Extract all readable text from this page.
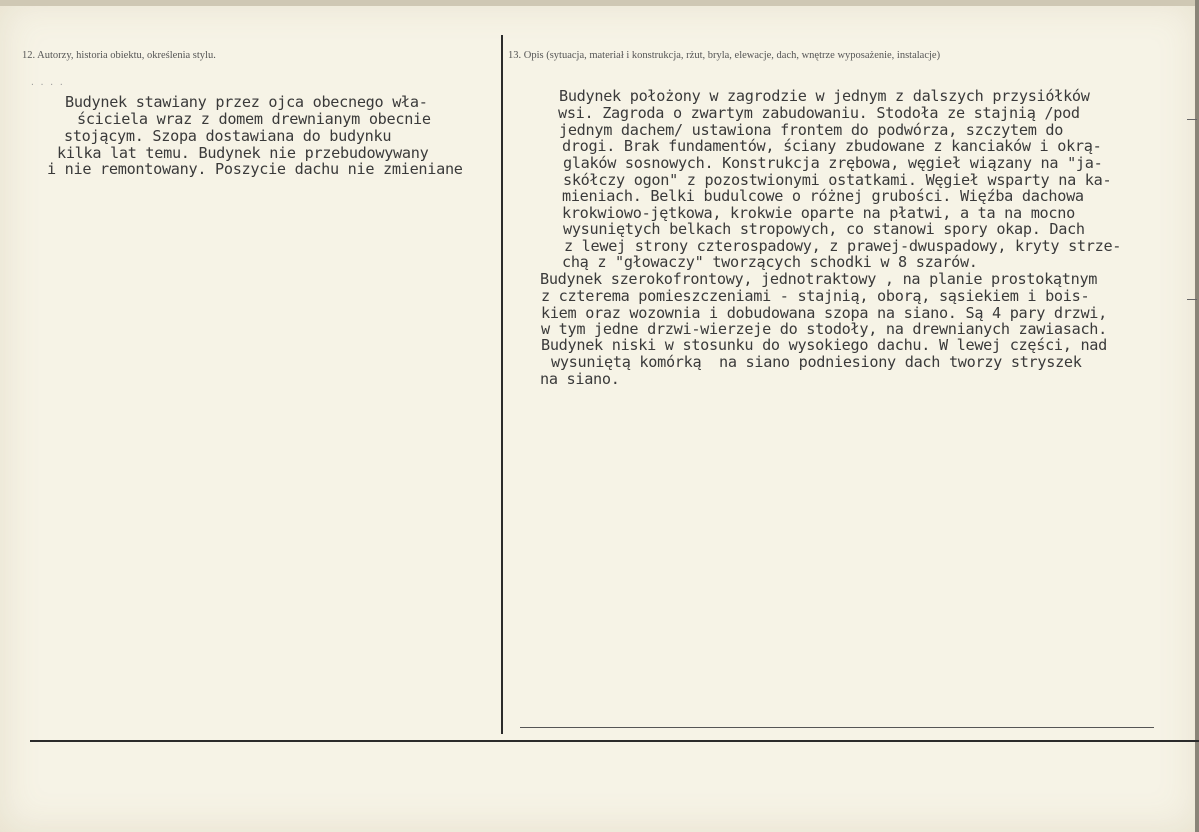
12. Autorzy, historia obiektu, określenia stylu.	13. Opis (sytuacja, materiał i konstrukcja, rżut, bryla, elewacje, dach, wnętrze wyposażenie, instalacje)
· · · ·
Budynek stawiany przez ojca obecnego wła-
ściciela wraz z domem drewnianym obecnie
stojącym. Szopa dostawiana do budynku
kilka lat temu. Budynek nie przebudowywany
i nie remontowany. Poszycie dachu nie zmieniane
Budynek położony w zagrodzie w jednym z dalszych przysiółków
wsi. Zagroda o zwartym zabudowaniu. Stodoła ze stajnią /pod
jednym dachem/ ustawiona frontem do podwórza, szczytem do
drogi. Brak fundamentów, ściany zbudowane z kanciaków i okrą-
glaków sosnowych. Konstrukcja zrębowa, węgieł wiązany na "ja-
skółczy ogon" z pozostwionymi ostatkami. Węgieł wsparty na ka-
mieniach. Belki budulcowe o różnej grubości. Więźba dachowa
krokwiowo-jętkowa, krokwie oparte na płatwi, a ta na mocno
wysuniętych belkach stropowych, co stanowi spory okap. Dach
z lewej strony czterospadowy, z prawej-dwuspadowy, kryty strze-
chą z "głowaczy" tworzących schodki w 8 szarów.
Budynek szerokofrontowy, jednotraktowy , na planie prostokątnym
z czterema pomieszczeniami - stajnią, oborą, sąsiekiem i bois-
kiem oraz wozownia i dobudowana szopa na siano. Są 4 pary drzwi,
w tym jedne drzwi-wierzeje do stodoły, na drewnianych zawiasach.
Budynek niski w stosunku do wysokiego dachu. W lewej części, nad
wysuniętą komórką  na siano podniesiony dach tworzy stryszek
na siano.
